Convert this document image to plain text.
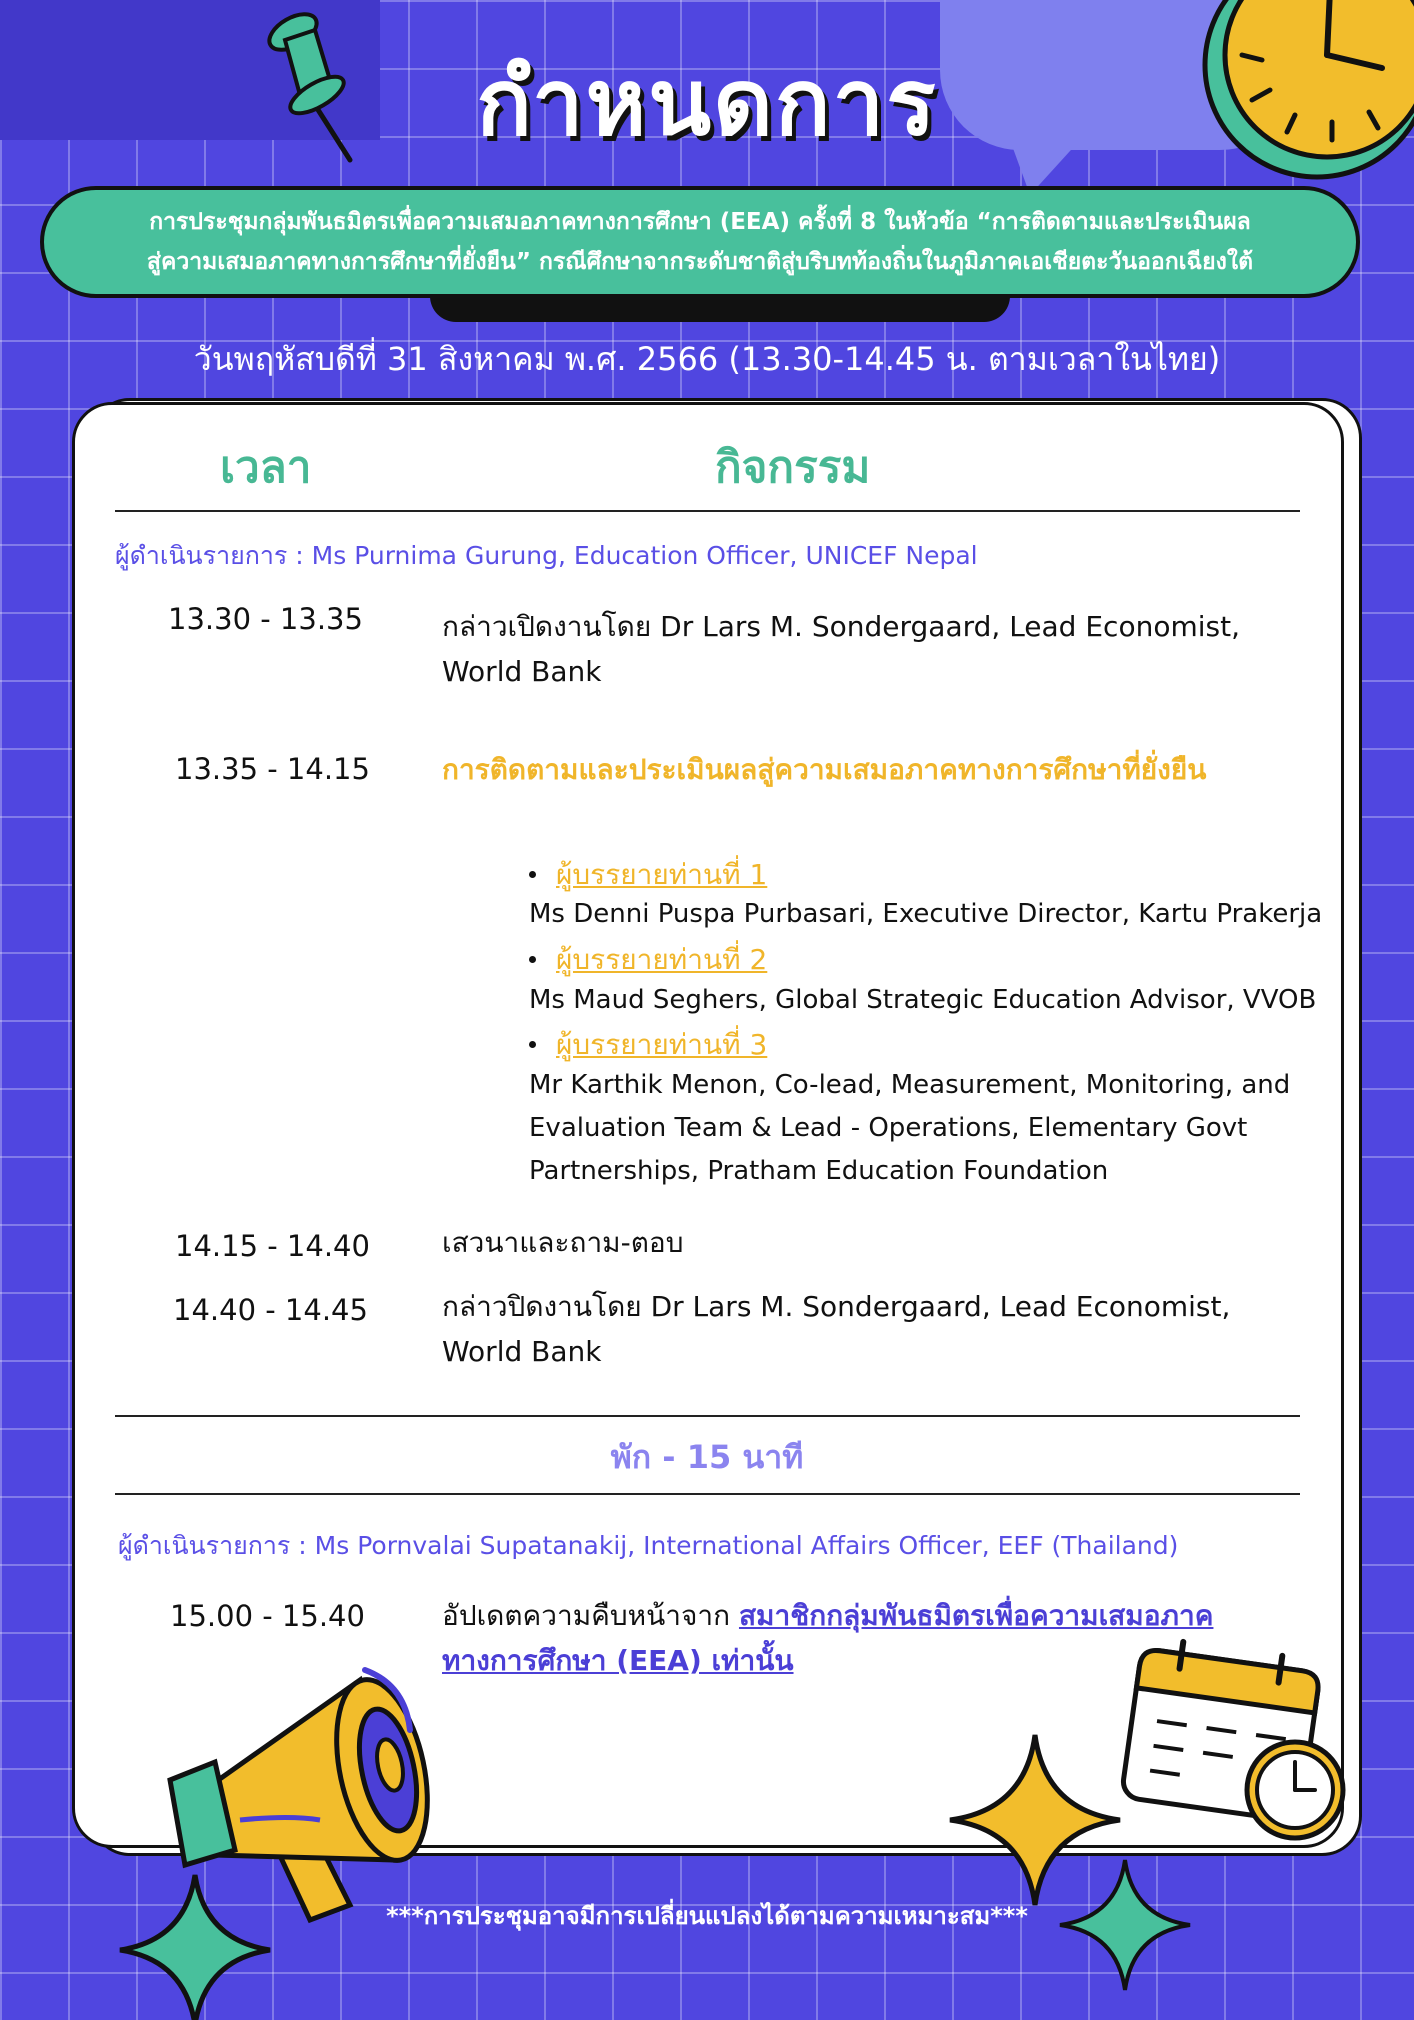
กำหนดการ
การประชุมกลุ่มพันธมิตรเพื่อความเสมอภาคทางการศึกษา (EEA) ครั้งที่ 8 ในหัวข้อ “การติดตามและประเมินผล
สู่ความเสมอภาคทางการศึกษาที่ยั่งยืน” กรณีศึกษาจากระดับชาติสู่บริบทท้องถิ่นในภูมิภาคเอเชียตะวันออกเฉียงใต้
วันพฤหัสบดีที่ 31 สิงหาคม พ.ศ. 2566 (13.30-14.45 น. ตามเวลาในไทย)
เวลา	กิจกรรม
ผู้ดำเนินรายการ : Ms Purnima Gurung, Education Officer, UNICEF Nepal
13.30 - 13.35	กล่าวเปิดงานโดย Dr Lars M. Sondergaard, Lead Economist,
World Bank
13.35 - 14.15	การติดตามและประเมินผลสู่ความเสมอภาคทางการศึกษาที่ยั่งยืน
ผู้บรรยายท่านที่ 1
Ms Denni Puspa Purbasari, Executive Director, Kartu Prakerja
ผู้บรรยายท่านที่ 2
Ms Maud Seghers, Global Strategic Education Advisor, VVOB
ผู้บรรยายท่านที่ 3
Mr Karthik Menon, Co-lead, Measurement, Monitoring, and
Evaluation Team & Lead - Operations, Elementary Govt
Partnerships, Pratham Education Foundation
14.15 - 14.40	เสวนาและถาม-ตอบ
14.40 - 14.45	กล่าวปิดงานโดย Dr Lars M. Sondergaard, Lead Economist,
World Bank
พัก - 15 นาที
ผู้ดำเนินรายการ : Ms Pornvalai Supatanakij, International Affairs Officer, EEF (Thailand)
15.00 - 15.40	อัปเดตความคืบหน้าจาก สมาชิกกลุ่มพันธมิตรเพื่อความเสมอภาค
ทางการศึกษา (EEA) เท่านั้น
***การประชุมอาจมีการเปลี่ยนแปลงได้ตามความเหมาะสม***
